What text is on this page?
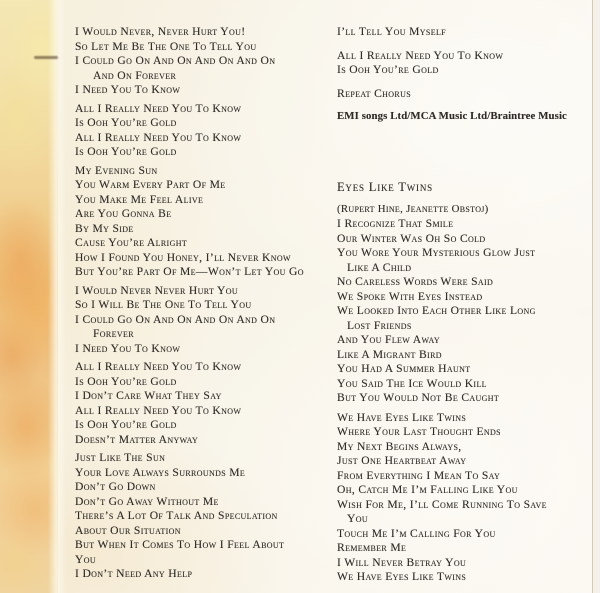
I Would Never, Never Hurt You!
So Let Me Be The One To Tell You
I Could Go On And On And On And On
And On Forever
I Need You To Know
All I Really Need You To Know
Is Ooh You’re Gold
All I Really Need You To Know
Is Ooh You’re Gold
My Evening Sun
You Warm Every Part Of Me
You Make Me Feel Alive
Are You Gonna Be
By My Side
Cause You’re Alright
How I Found You Honey, I’ll Never Know
But You’re Part Of Me—Won’t Let You Go
I Would Never Never Hurt You
So I Will Be The One To Tell You
I Could Go On And On And On And On
Forever
I Need You To Know
All I Really Need You To Know
Is Ooh You’re Gold
I Don’t Care What They Say
All I Really Need You To Know
Is Ooh You’re Gold
Doesn’t Matter Anyway
Just Like The Sun
Your Love Always Surrounds Me
Don’t Go Down
Don’t Go Away Without Me
There’s A Lot Of Talk And Speculation
About Our Situation
But When It Comes To How I Feel About
You
I Don’t Need Any Help
I’ll Tell You Myself
All I Really Need You To Know
Is Ooh You’re Gold
Repeat Chorus
EMI songs Ltd/MCA Music Ltd/Braintree Music
Eyes Like Twins
(Rupert Hine, Jeanette Obstoj)
I Recognize That Smile
Our Winter Was Oh So Cold
You Wore Your Mysterious Glow Just
Like A Child
No Careless Words Were Said
We Spoke With Eyes Instead
We Looked Into Each Other Like Long
Lost Friends
And You Flew Away
Like A Migrant Bird
You Had A Summer Haunt
You Said The Ice Would Kill
But You Would Not Be Caught
We Have Eyes Like Twins
Where Your Last Thought Ends
My Next Begins Always,
Just One Heartbeat Away
From Everything I Mean To Say
Oh, Catch Me I’m Falling Like You
Wish For Me, I’ll Come Running To Save
You
Touch Me I’m Calling For You
Remember Me
I Will Never Betray You
We Have Eyes Like Twins
